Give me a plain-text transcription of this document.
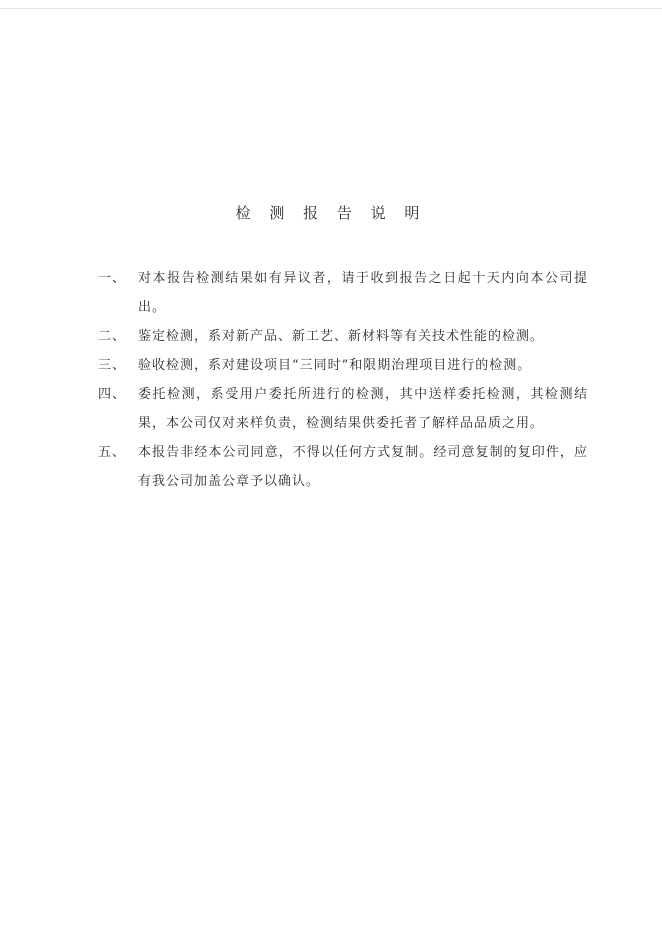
检 测 报 告 说 明
一、 对本报告检测结果如有异议者，请于收到报告之日起十天内向本公司提出。
二、 鉴定检测，系对新产品、新工艺、新材料等有关技术性能的检测。
三、 验收检测，系对建设项目“三同时”和限期治理项目进行的检测。
四、 委托检测，系受用户委托所进行的检测，其中送样委托检测，其检测结果，本公司仅对来样负责，检测结果供委托者了解样品品质之用。
五、 本报告非经本公司同意，不得以任何方式复制。经司意复制的复印件，应有我公司加盖公章予以确认。
